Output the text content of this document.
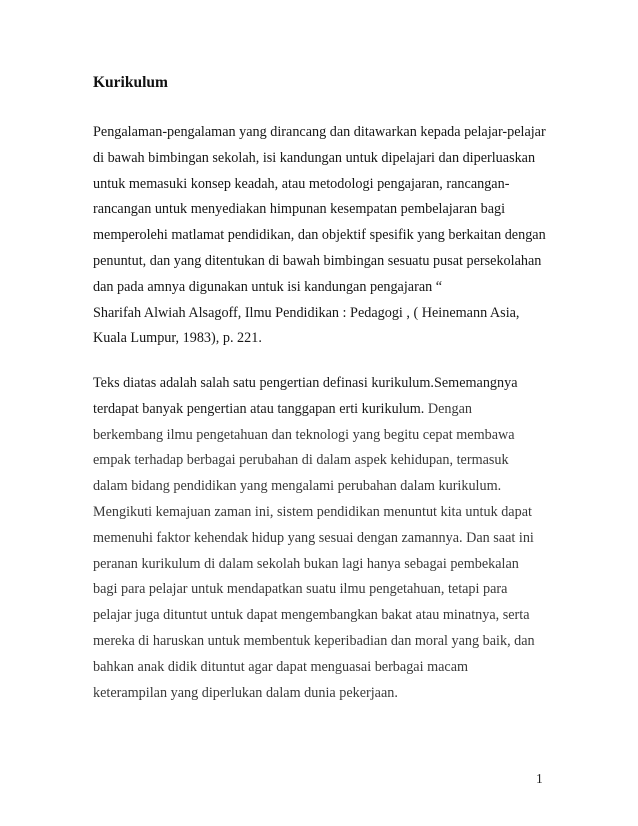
Kurikulum
Pengalaman-pengalaman yang dirancang dan ditawarkan kepada pelajar-pelajar
di bawah bimbingan sekolah, isi kandungan untuk dipelajari dan diperluaskan
untuk memasuki konsep keadah, atau metodologi pengajaran, rancangan-
rancangan untuk menyediakan himpunan kesempatan pembelajaran bagi
memperolehi matlamat pendidikan, dan objektif spesifik yang berkaitan dengan
penuntut, dan yang ditentukan di bawah bimbingan sesuatu pusat persekolahan
dan pada amnya digunakan untuk isi kandungan pengajaran “
Sharifah Alwiah Alsagoff, Ilmu Pendidikan : Pedagogi , ( Heinemann Asia,
Kuala Lumpur, 1983), p. 221.
Teks diatas adalah salah satu pengertian definasi kurikulum.Sememangnya
terdapat banyak pengertian atau tanggapan erti kurikulum. Dengan
berkembang ilmu pengetahuan dan teknologi yang begitu cepat membawa
empak terhadap berbagai perubahan di dalam aspek kehidupan, termasuk
dalam bidang pendidikan yang mengalami perubahan dalam kurikulum.
Mengikuti kemajuan zaman ini, sistem pendidikan menuntut kita untuk dapat
memenuhi faktor kehendak hidup yang sesuai dengan zamannya. Dan saat ini
peranan kurikulum di dalam sekolah bukan lagi hanya sebagai pembekalan
bagi para pelajar untuk mendapatkan suatu ilmu pengetahuan, tetapi para
pelajar juga dituntut untuk dapat mengembangkan bakat atau minatnya, serta
mereka di haruskan untuk membentuk keperibadian dan moral yang baik, dan
bahkan anak didik dituntut agar dapat menguasai berbagai macam
keterampilan yang diperlukan dalam dunia pekerjaan.
1
